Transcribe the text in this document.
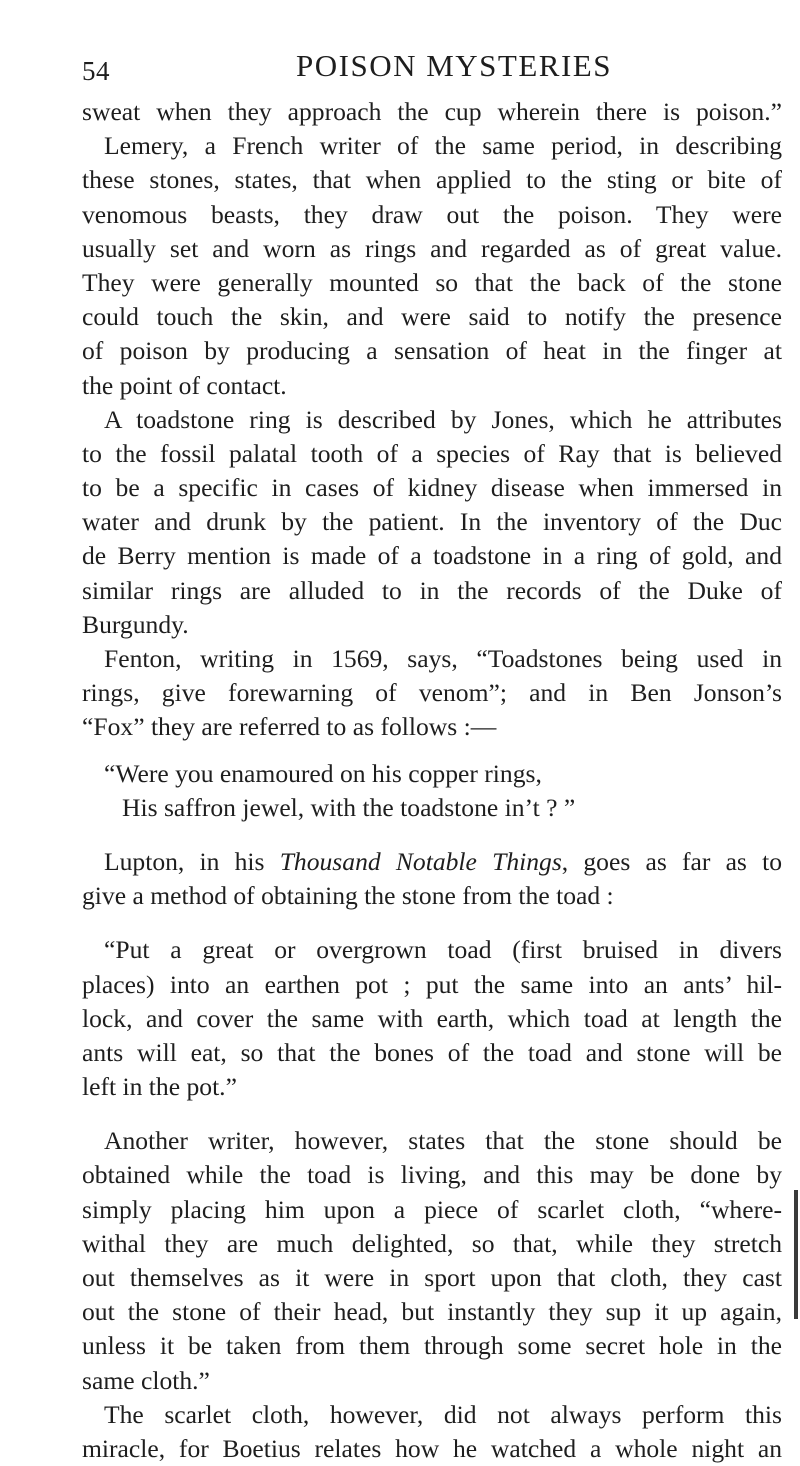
54	POISON MYSTERIES
sweat when they approach the cup wherein there is poison.”
Lemery, a French writer of the same period, in describing
these stones, states, that when applied to the sting or bite of
venomous beasts, they draw out the poison. They were
usually set and worn as rings and regarded as of great value.
They were generally mounted so that the back of the stone
could touch the skin, and were said to notify the presence
of poison by producing a sensation of heat in the finger at
the point of contact.
A toadstone ring is described by Jones, which he attributes
to the fossil palatal tooth of a species of Ray that is believed
to be a specific in cases of kidney disease when immersed in
water and drunk by the patient. In the inventory of the Duc
de Berry mention is made of a toadstone in a ring of gold, and
similar rings are alluded to in the records of the Duke of
Burgundy.
Fenton, writing in 1569, says, “Toadstones being used in
rings, give forewarning of venom”; and in Ben Jonson’s
“Fox” they are referred to as follows :—
“Were you enamoured on his copper rings,
His saffron jewel, with the toadstone in’t ? ”
Lupton, in his Thousand Notable Things, goes as far as to
give a method of obtaining the stone from the toad :
“Put a great or overgrown toad (first bruised in divers
places) into an earthen pot ; put the same into an ants’ hil-
lock, and cover the same with earth, which toad at length the
ants will eat, so that the bones of the toad and stone will be
left in the pot.”
Another writer, however, states that the stone should be
obtained while the toad is living, and this may be done by
simply placing him upon a piece of scarlet cloth, “where-
withal they are much delighted, so that, while they stretch
out themselves as it were in sport upon that cloth, they cast
out the stone of their head, but instantly they sup it up again,
unless it be taken from them through some secret hole in the
same cloth.”
The scarlet cloth, however, did not always perform this
miracle, for Boetius relates how he watched a whole night an
